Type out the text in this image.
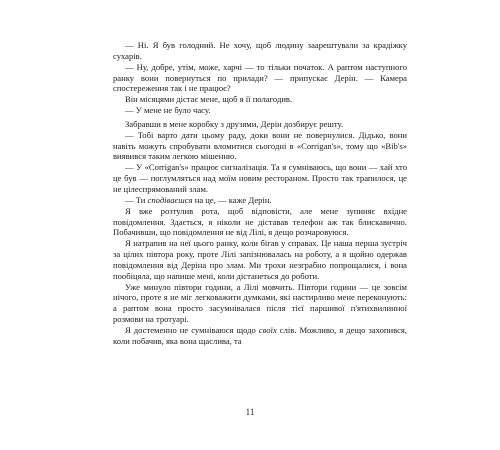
— Ні. Я був голодний. Не хочу, щоб людину заарештували за крадіжку сухарів.

— Ну, добре, утім, може, харчі — то тільки початок. А раптом наступного ранку вони повернуться по прилади? — припускає Дерін. — Камера спостереження так і не працює?

Він місяцями дістає мене, щоб я її полагодив.

— У мене не було часу.

Забравши в мене коробку з друзями, Дерін дозбирує решту.

— Тобі варто дати цьому раду, доки вони не повернулися. Дідько, вони навіть можуть спробувати вломитися сьогодні в «Corrigan's», тому що «Bib's» виявився таким легкою мішенню.

— У «Corrigan's» працює сигналізація. Та я сумніваюсь, що вони — хай хто це був — поглумляться над моїм новим рестораном. Просто так трапилося, це не цілеспрямований злам.

— Ти сподіваєшся на це, — каже Дерін.

Я вже розтулив рота, щоб відповісти, але мене зупиняє вхідне повідомлення. Здається, я ніколи не діставав телефон аж так блискавично. Побачивши, що повідомлення не від Лілі, я дещо розчаровуюся.

Я натрапив на неї цього ранку, коли бігав у справах. Це наша перша зустріч за цілих півтора року, проте Лілі запізнювалась на роботу, а я щойно одержав повідомлення від Деріна про злам. Ми трохи незграбно попрощалися, і вона пообіцяла, що напише мені, коли дістанеться до роботи.

Уже минуло півтори години, а Лілі мовчить. Півтори години — це зовсім нічого, проте я не міг легковажити думками, які настирливо мене переконують: а раптом вона просто засумнівалася після тієї паршивої п'ятихвилинної розмови на тротуарі.

Я достеменно не сумніваюся щодо своїх слів. Можливо, я дещо захопився, коли побачив, яка вона щаслива, та

11
